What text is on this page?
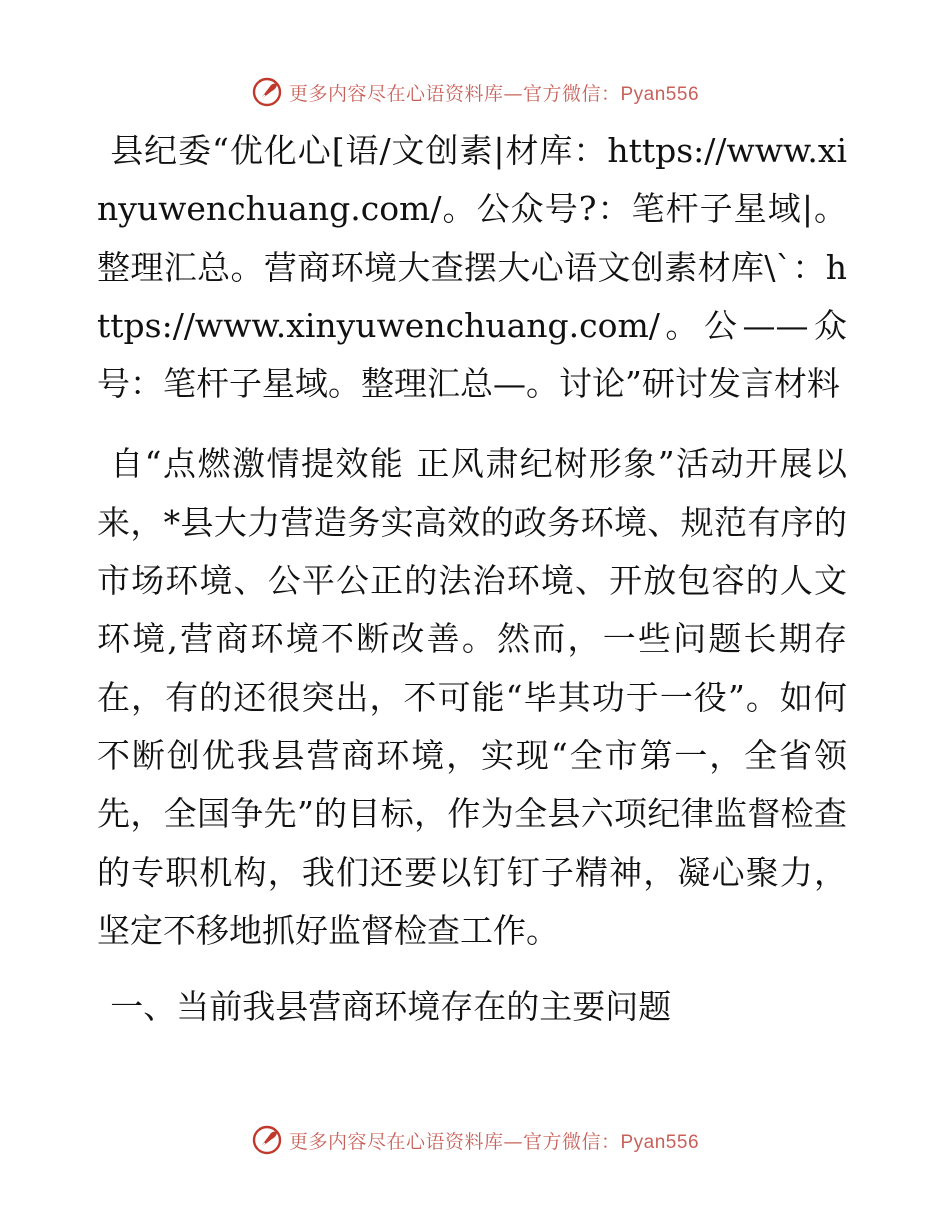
更多内容尽在心语资料库—官方微信：Pyan556

县纪委“优化心[语/文创素|材库：https://www.xinyuwenchuang.com/。公众号?：笔杆子星域|。整理汇总。营商环境大查摆大心语文创素材库\`：https://www.xinyuwenchuang.com/。公——众号：笔杆子星域。整理汇总—。讨论”研讨发言材料

自“点燃激情提效能 正风肃纪树形象”活动开展以来，*县大力营造务实高效的政务环境、规范有序的市场环境、公平公正的法治环境、开放包容的人文环境,营商环境不断改善。然而，一些问题长期存在，有的还很突出，不可能“毕其功于一役”。如何不断创优我县营商环境，实现“全市第一，全省领先，全国争先”的目标，作为全县六项纪律监督检查的专职机构，我们还要以钉钉子精神，凝心聚力，坚定不移地抓好监督检查工作。

一、当前我县营商环境存在的主要问题

更多内容尽在心语资料库—官方微信：Pyan556
